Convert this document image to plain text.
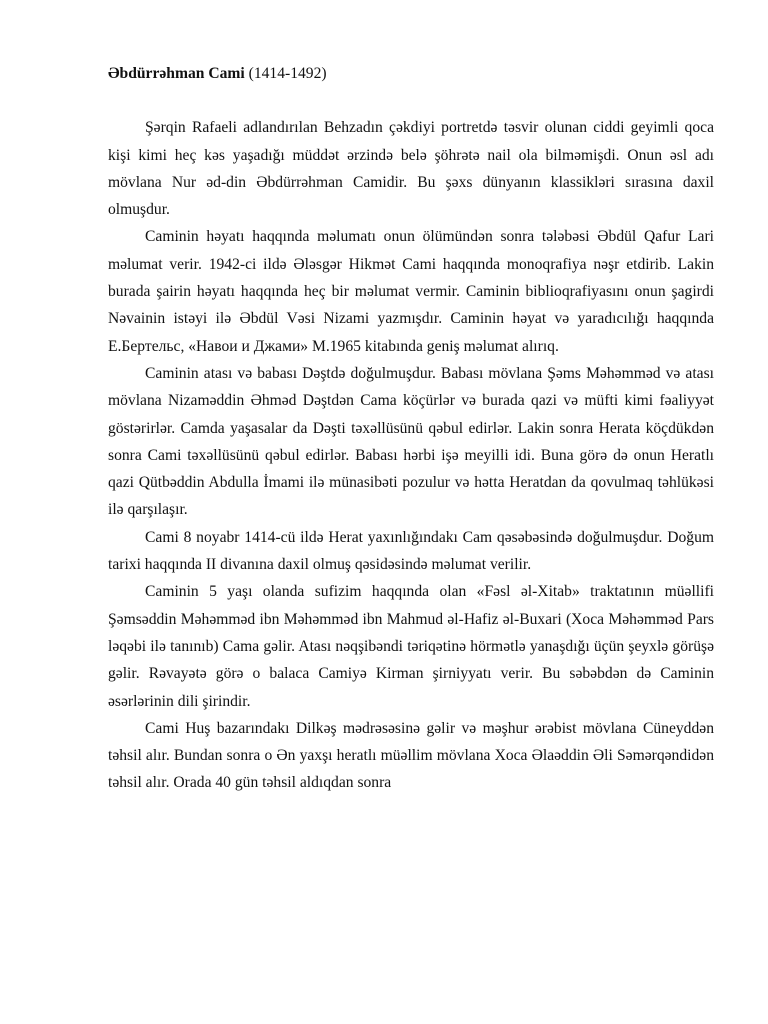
Əbdürrəhman Cami (1414-1492)

Şərqin Rafaeli adlandırılan Behzadın çəkdiyi portretdə təsvir olunan ciddi geyimli qoca kişi kimi heç kəs yaşadığı müddət ərzində belə şöhrətə nail ola bilməmişdi. Onun əsl adı mövlana Nur əd-din Əbdürrəhman Camidir. Bu şəxs dünyanın klassikləri sırasına daxil olmuşdur.

Caminin həyatı haqqında məlumatı onun ölümündən sonra tələbəsi Əbdül Qafur Lari məlumat verir. 1942-ci ildə Ələsgər Hikmət Cami haqqında monoqrafiya nəşr etdirib. Lakin burada şairin həyatı haqqında heç bir məlumat vermir. Caminin biblioqrafiyasını onun şagirdi Nəvainin istəyi ilə Əbdül Vəsi Nizami yazmışdır. Caminin həyat və yaradıcılığı haqqında E.Бертельс, «Навои и Джами» M.1965 kitabında geniş məlumat alırıq.

Caminin atası və babası Dəştdə doğulmuşdur. Babası mövlana Şəms Məhəmməd və atası mövlana Nizaməddin Əhməd Dəştdən Cama köçürlər və burada qazi və müfti kimi fəaliyyət göstərirlər. Camda yaşasalar da Dəşti təxəllüsünü qəbul edirlər. Lakin sonra Herata köçdükdən sonra Cami təxəllüsünü qəbul edirlər. Babası hərbi işə meyilli idi. Buna görə də onun Heratlı qazi Qütbəddin Abdulla İmami ilə münasibəti pozulur və hətta Heratdan da qovulmaq təhlükəsi ilə qarşılaşır.

Cami 8 noyabr 1414-cü ildə Herat yaxınlığındakı Cam qəsəbəsində doğulmuşdur. Doğum tarixi haqqında II divanına daxil olmuş qəsidəsində məlumat verilir.

Caminin 5 yaşı olanda sufizim haqqında olan «Fəsl əl-Xitab» traktatının müəllifi Şəmsəddin Məhəmməd ibn Məhəmməd ibn Mahmud əl-Hafiz əl-Buxari (Xoca Məhəmməd Pars ləqəbi ilə tanınıb) Cama gəlir. Atası nəqşibəndi təriqətinə hörmətlə yanaşdığı üçün şeyxlə görüşə gəlir. Rəvayətə görə o balaca Camiyə Kirman şirniyyatı verir. Bu səbəbdən də Caminin əsərlərinin dili şirindir.

Cami Huş bazarındakı Dilkəş mədrəsəsinə gəlir və məşhur ərəbist mövlana Cüneyddən təhsil alır. Bundan sonra o Ən yaxşı heratlı müəllim mövlana Xoca Əlaəddin Əli Səmərqəndidən təhsil alır. Orada 40 gün təhsil aldıqdan sonra
